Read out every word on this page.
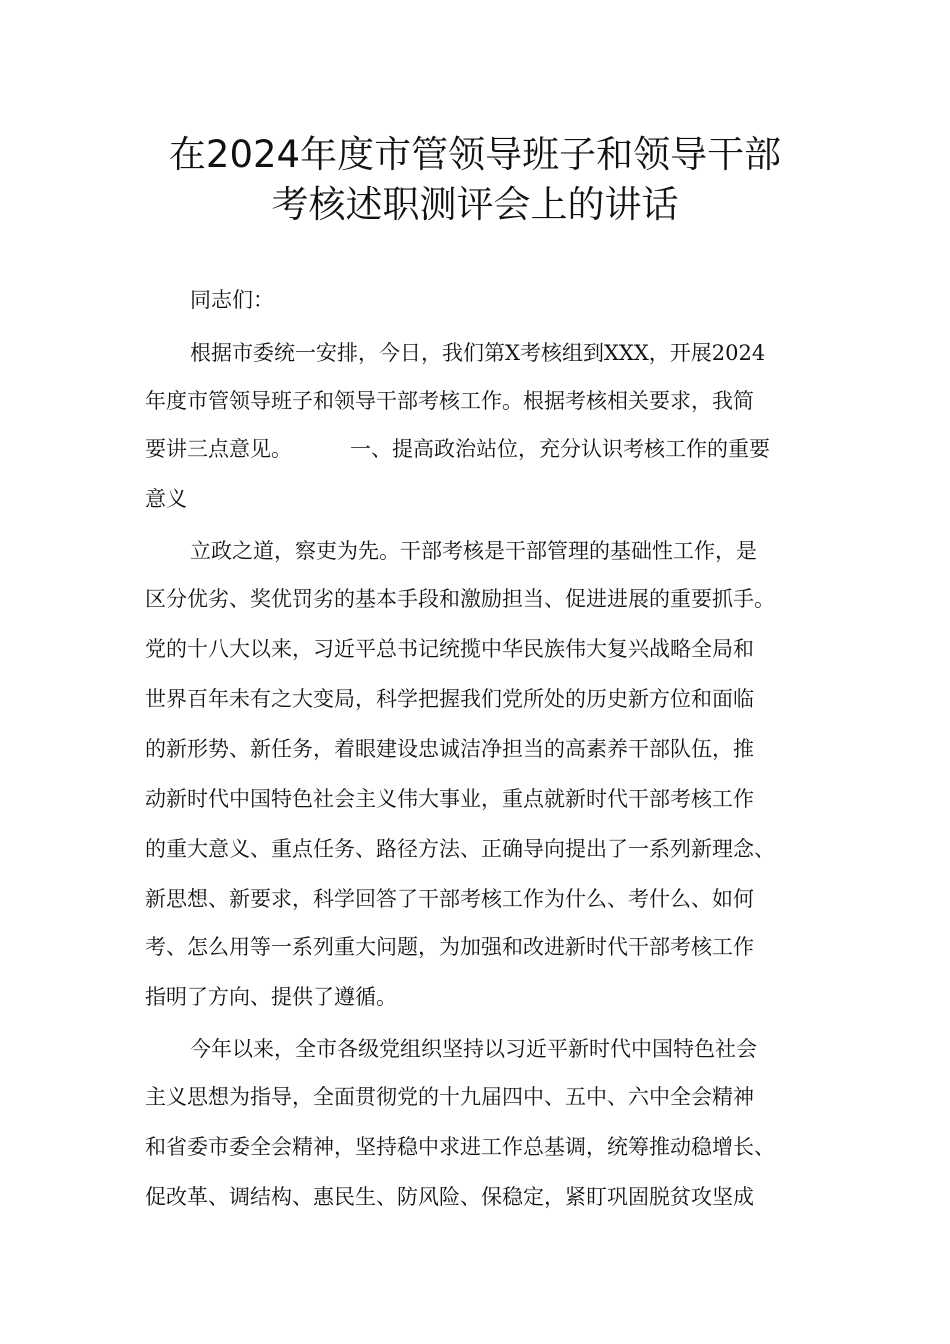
在2024年度市管领导班子和领导干部
考核述职测评会上的讲话
同志们：
根据市委统一安排，今日，我们第X考核组到XXX，开展2024
年度市管领导班子和领导干部考核工作。根据考核相关要求，我简
要讲三点意见。	一、提高政治站位，充分认识考核工作的重要
意义
立政之道，察吏为先。干部考核是干部管理的基础性工作，是
区分优劣、奖优罚劣的基本手段和激励担当、促进进展的重要抓手。
党的十八大以来，习近平总书记统揽中华民族伟大复兴战略全局和
世界百年未有之大变局，科学把握我们党所处的历史新方位和面临
的新形势、新任务，着眼建设忠诚洁净担当的高素养干部队伍，推
动新时代中国特色社会主义伟大事业，重点就新时代干部考核工作
的重大意义、重点任务、路径方法、正确导向提出了一系列新理念、
新思想、新要求，科学回答了干部考核工作为什么、考什么、如何
考、怎么用等一系列重大问题，为加强和改进新时代干部考核工作
指明了方向、提供了遵循。
今年以来，全市各级党组织坚持以习近平新时代中国特色社会
主义思想为指导，全面贯彻党的十九届四中、五中、六中全会精神
和省委市委全会精神，坚持稳中求进工作总基调，统筹推动稳增长、
促改革、调结构、惠民生、防风险、保稳定，紧盯巩固脱贫攻坚成
